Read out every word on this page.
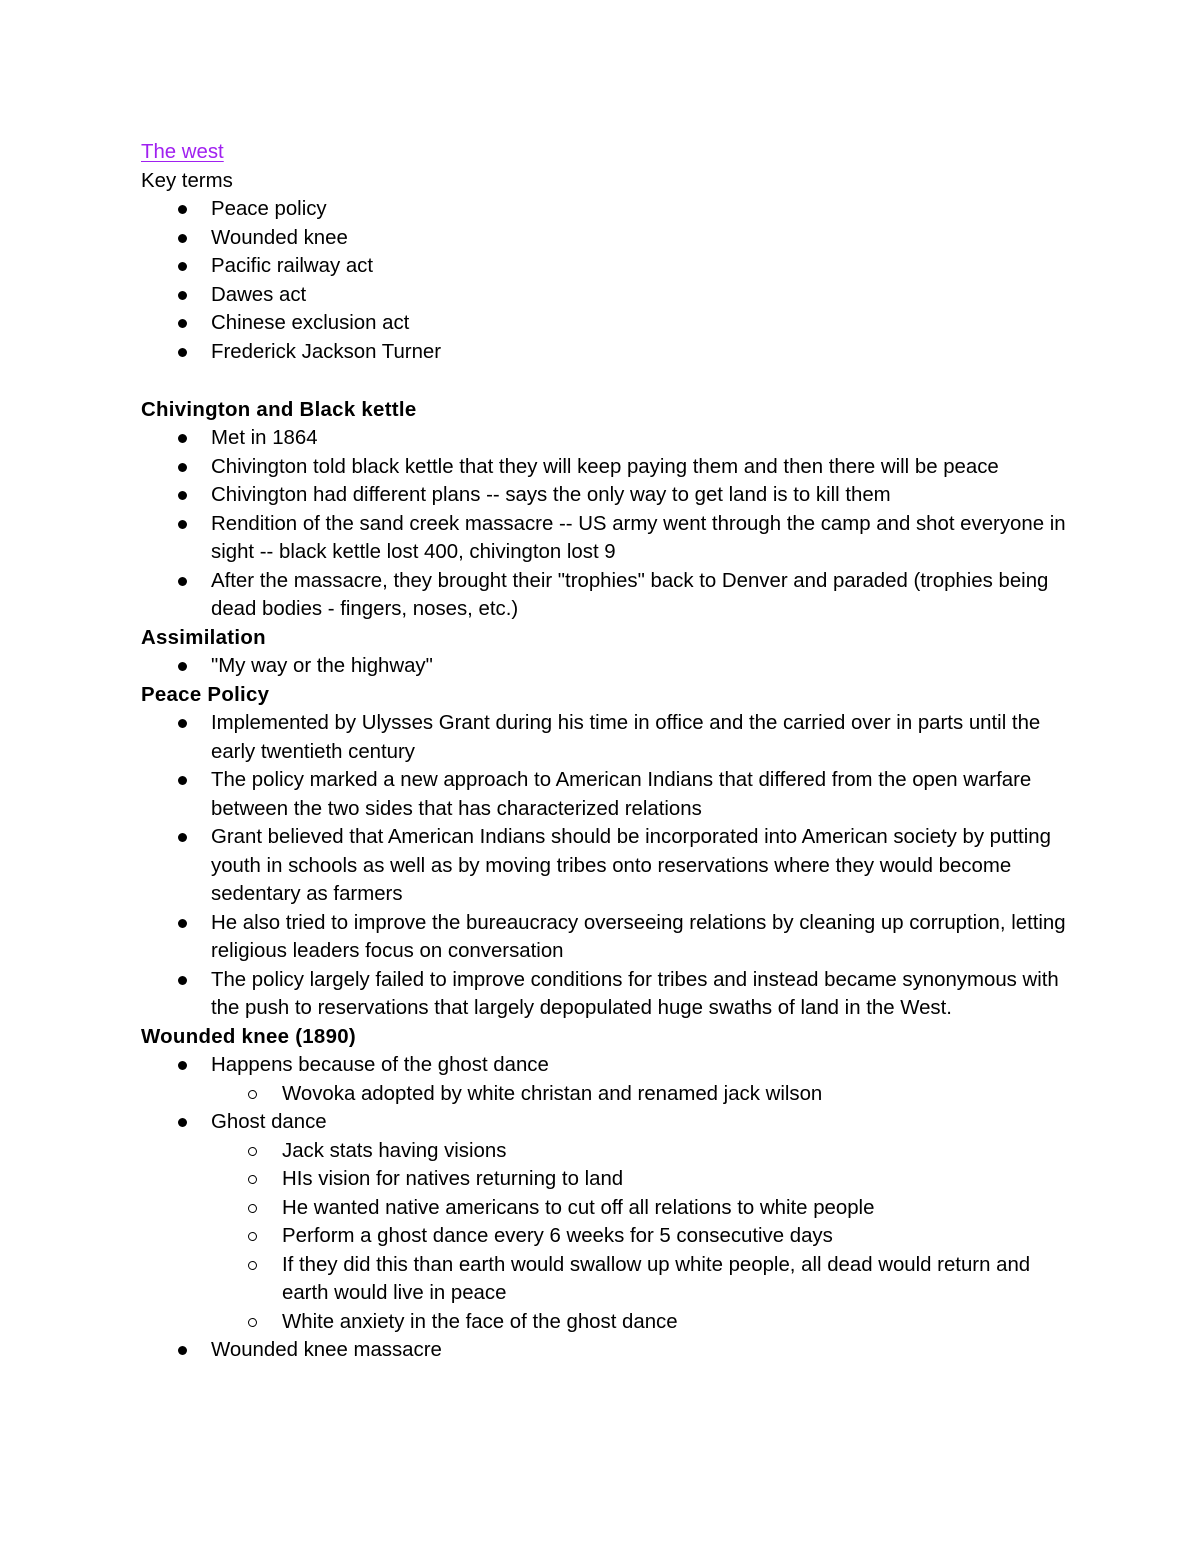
The west

Key terms

Peace policy
Wounded knee
Pacific railway act
Dawes act
Chinese exclusion act
Frederick Jackson Turner

Chivington and Black kettle

Met in 1864
Chivington told black kettle that they will keep paying them and then there will be peace
Chivington had different plans -- says the only way to get land is to kill them
Rendition of the sand creek massacre -- US army went through the camp and shot everyone in sight -- black kettle lost 400, chivington lost 9
After the massacre, they brought their "trophies" back to Denver and paraded (trophies being dead bodies - fingers, noses, etc.)

Assimilation

"My way or the highway"

Peace Policy

Implemented by Ulysses Grant during his time in office and the carried over in parts until the early twentieth century
The policy marked a new approach to American Indians that differed from the open warfare between the two sides that has characterized relations
Grant believed that American Indians should be incorporated into American society by putting youth in schools as well as by moving tribes onto reservations where they would become sedentary as farmers
He also tried to improve the bureaucracy overseeing relations by cleaning up corruption, letting religious leaders focus on conversation
The policy largely failed to improve conditions for tribes and instead became synonymous with the push to reservations that largely depopulated huge swaths of land in the West.

Wounded knee (1890)

Happens because of the ghost dance
Wovoka adopted by white christan and renamed jack wilson
Ghost dance
Jack stats having visions
HIs vision for natives returning to land
He wanted native americans to cut off all relations to white people
Perform a ghost dance every 6 weeks for 5 consecutive days
If they did this than earth would swallow up white people, all dead would return and earth would live in peace
White anxiety in the face of the ghost dance
Wounded knee massacre
